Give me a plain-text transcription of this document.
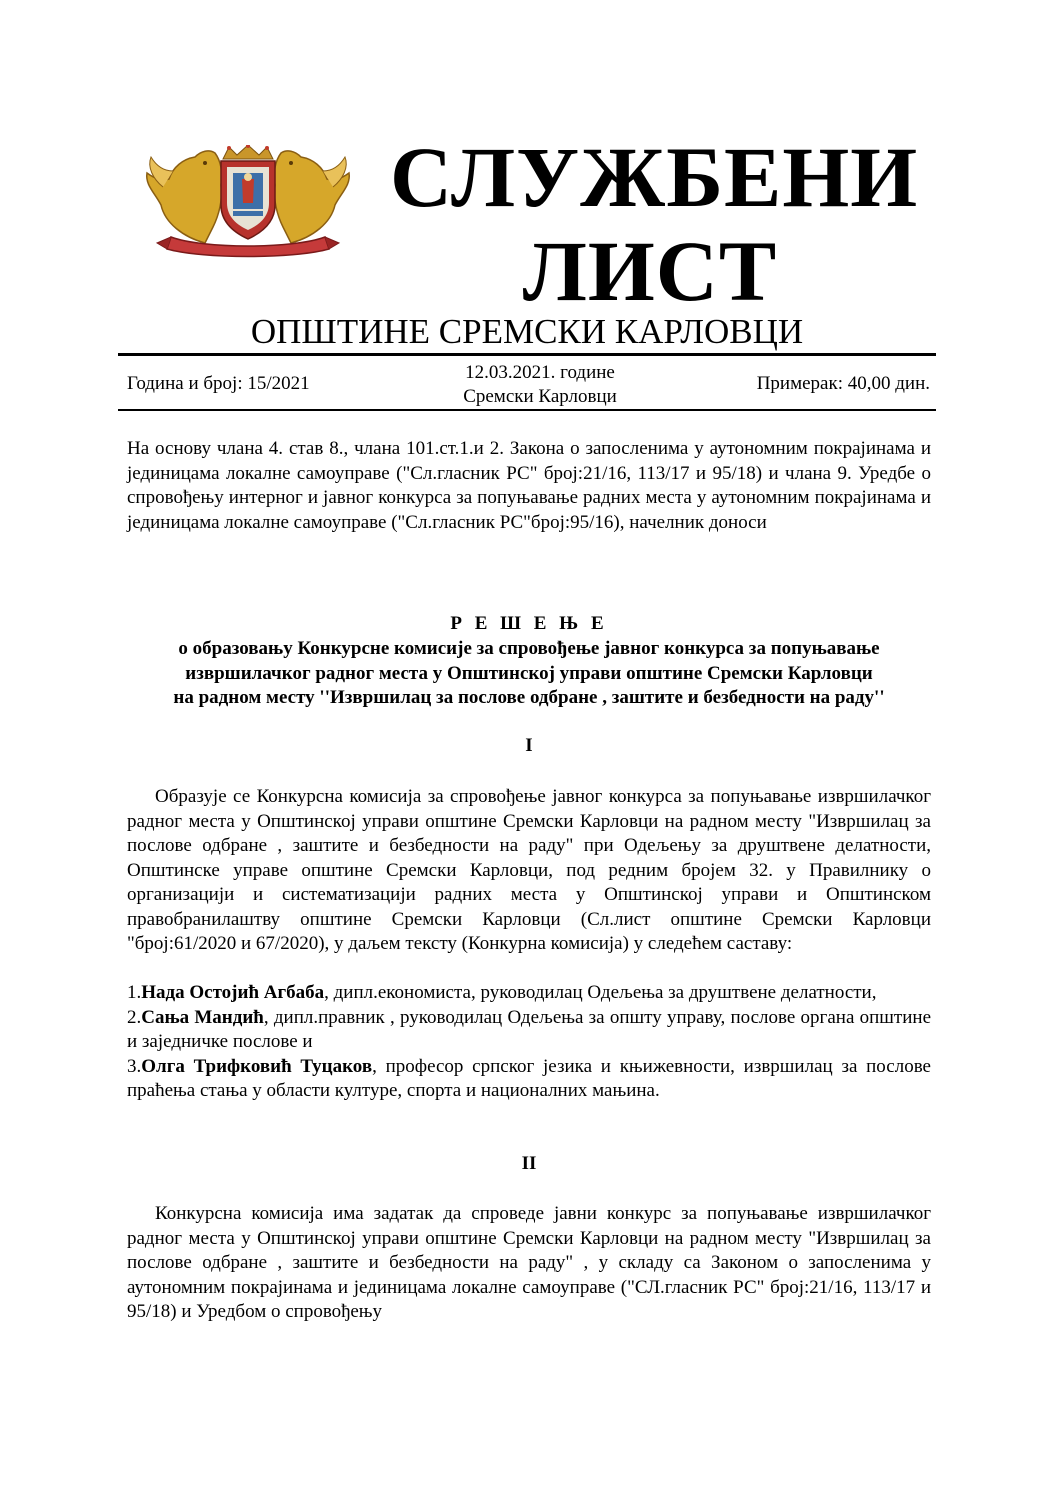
СЛУЖБЕНИ
ЛИСТ
ОПШТИНЕ СРЕМСКИ КАРЛОВЦИ
Година и број: 15/2021
12.03.2021. године
Сремски Карловци
Примерак: 40,00 дин.
На основу члана 4. став 8., члана 101.ст.1.и 2. Закона о запосленима у аутономним покрајинама и јединицама локалне самоуправе ("Сл.гласник РС" број:21/16, 113/17 и 95/18) и члана 9. Уредбе о спровођењу интерног и јавног конкурса за попуњавање радних места у аутономним покрајинама и јединицама локалне самоуправе ("Сл.гласник РС"број:95/16), начелник доноси
Р Е Ш Е Њ Е
о образовању Конкурсне комисије за спровођење јавног конкурса за попуњавање
извршилачког радног места у Општинској управи општине Сремски Карловци
на радном месту ''Извршилац за послове одбране , заштите и безбедности на раду''
I
Образује се Конкурсна комисија за спровођење јавног конкурса за попуњавање извршилачког радног места у Општинској управи општине Сремски Карловци на радном месту "Извршилац за послове одбране , заштите и безбедности на раду" при Одељењу за друштвене делатности, Општинске управе општине Сремски Карловци, под редним бројем 32. у Правилнику о организацији и систематизацији радних места у Општинској управи и Општинском правобранилаштву општине Сремски Карловци (Сл.лист општине Сремски Карловци "број:61/2020 и 67/2020), у даљем тексту (Конкурна комисија) у следећем саставу:
1.Нада Остојић Агбаба, дипл.економиста, руководилац Одељења за друштвене делатности,
2.Сања Мандић, дипл.правник , руководилац Одељења за општу управу, послове органа општине и заједничке послове и
3.Олга Трифковић Туцаков, професор српског језика и књижевности, извршилац за послове праћења стања у области културе, спорта и националних мањина.
II
Конкурсна комисија има задатак да спроведе јавни конкурс за попуњавање извршилачког радног места у Општинској управи општине Сремски Карловци на радном месту "Извршилац за послове одбране , заштите и безбедности на раду" , у складу са Законом о запосленима у аутономним покрајинама и јединицама локалне самоуправе ("СЛ.гласник РС" број:21/16, 113/17 и 95/18) и Уредбом о спровођењу
